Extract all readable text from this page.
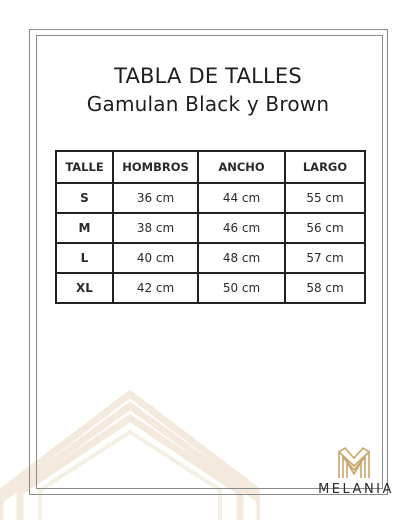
TABLA DE TALLES
Gamulan Black y Brown
TALLE	HOMBROS	ANCHO	LARGO
S	36 cm	44 cm	55 cm
M	38 cm	46 cm	56 cm
L	40 cm	48 cm	57 cm
XL	42 cm	50 cm	58 cm
MELANIA
